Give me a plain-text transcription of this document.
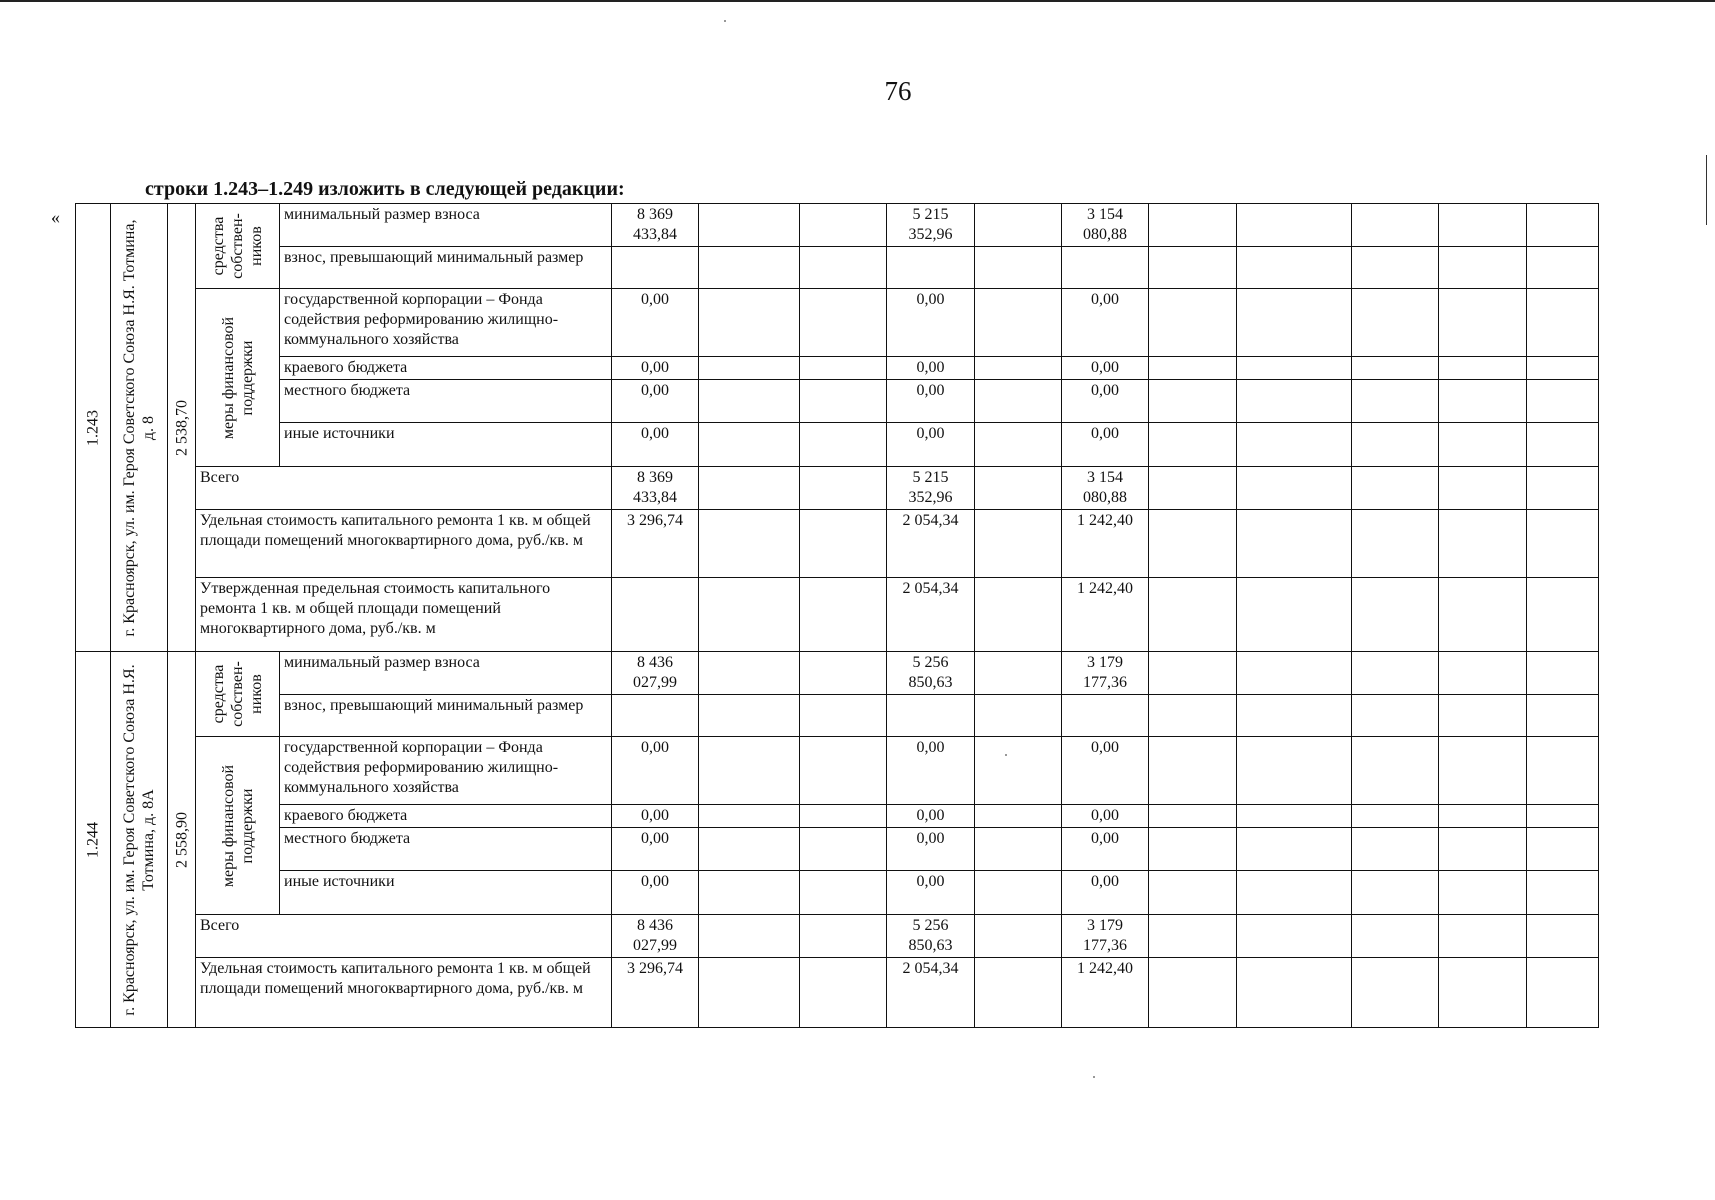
76
строки 1.243–1.249 изложить в следующей редакции:
«
1.243	г. Красноярск, ул. им. Героя Советского Союза Н.Я. Тотмина, д. 8	2 538,70	средства собствен-ников	минимальный размер взноса	8 369 433,84			5 215 352,96		3 154 080,88					
				взнос, превышающий минимальный размер											

			меры финансовой поддержки	государственной корпорации – Фонда содействия реформированию жилищно-коммунального хозяйства	0,00			0,00		0,00					
				краевого бюджета	0,00			0,00		0,00					
				местного бюджета	0,00			0,00		0,00					
				иные источники	0,00			0,00		0,00					
			Всего		8 369 433,84			5 215 352,96		3 154 080,88					
			Удельная стоимость капитального ремонта 1 кв. м общей площади помещений многоквартирного дома, руб./кв. м		3 296,74			2 054,34		1 242,40					
			Утвержденная предельная стоимость капитального ремонта 1 кв. м общей площади помещений многоквартирного дома, руб./кв. м					2 054,34		1 242,40					

1.244	г. Красноярск, ул. им. Героя Советского Союза Н.Я. Тотмина, д. 8А	2 558,90	средства собствен-ников	минимальный размер взноса	8 436 027,99			5 256 850,63		3 179 177,36					
				взнос, превышающий минимальный размер											

			меры финансовой поддержки	государственной корпорации – Фонда содействия реформированию жилищно-коммунального хозяйства	0,00			0,00		0,00					
				краевого бюджета	0,00			0,00		0,00					
				местного бюджета	0,00			0,00		0,00					
				иные источники	0,00			0,00		0,00					
			Всего		8 436 027,99			5 256 850,63		3 179 177,36					
			Удельная стоимость капитального ремонта 1 кв. м общей площади помещений многоквартирного дома, руб./кв. м		3 296,74			2 054,34		1 242,40					
